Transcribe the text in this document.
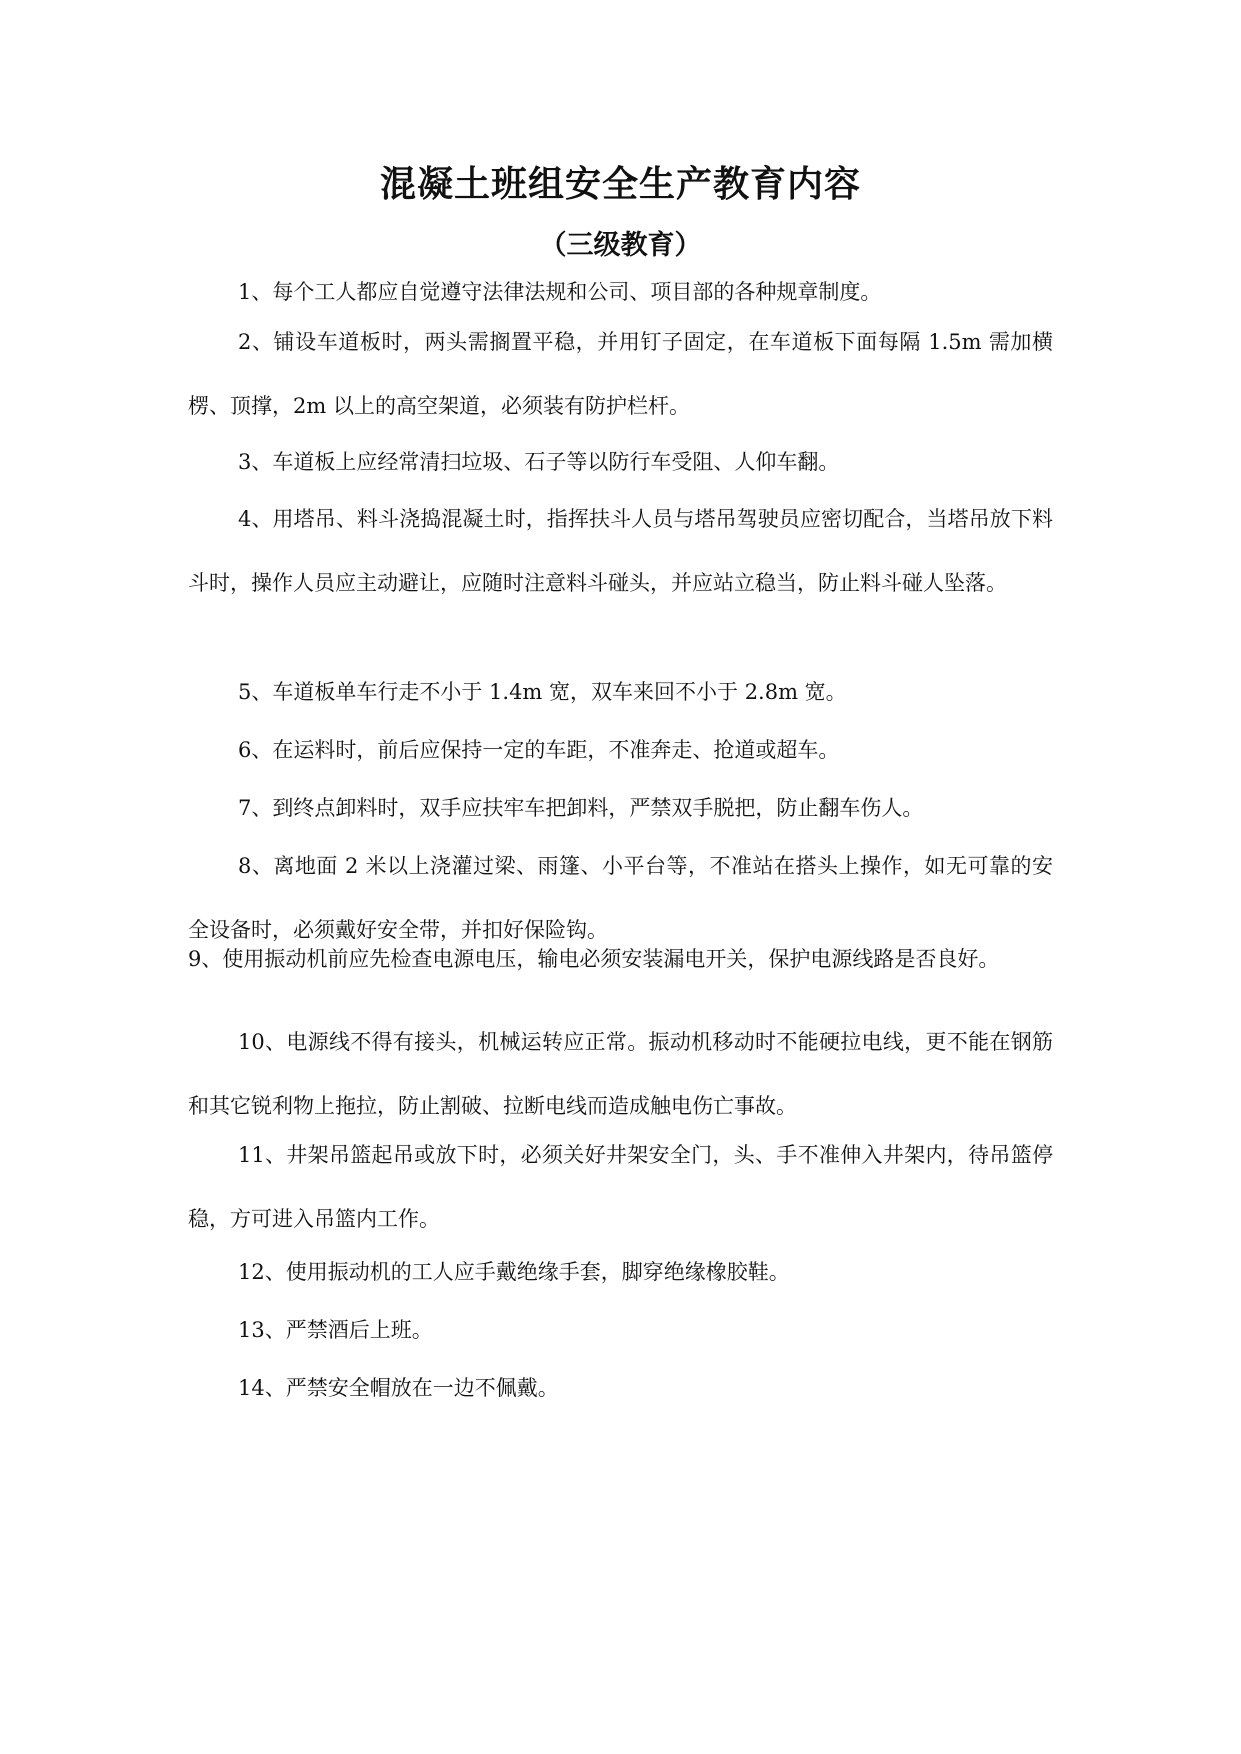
混凝土班组安全生产教育内容
（三级教育）

1、每个工人都应自觉遵守法律法规和公司、项目部的各种规章制度。

2、铺设车道板时，两头需搁置平稳，并用钉子固定，在车道板下面每隔 1.5m 需加横楞、顶撑，2m 以上的高空架道，必须装有防护栏杆。

3、车道板上应经常清扫垃圾、石子等以防行车受阻、人仰车翻。

4、用塔吊、料斗浇捣混凝土时，指挥扶斗人员与塔吊驾驶员应密切配合，当塔吊放下料斗时，操作人员应主动避让，应随时注意料斗碰头，并应站立稳当，防止料斗碰人坠落。

5、车道板单车行走不小于 1.4m 宽，双车来回不小于 2.8m 宽。

6、在运料时，前后应保持一定的车距，不准奔走、抢道或超车。

7、到终点卸料时，双手应扶牢车把卸料，严禁双手脱把，防止翻车伤人。

8、离地面 2 米以上浇灌过梁、雨篷、小平台等，不准站在搭头上操作，如无可靠的安全设备时，必须戴好安全带，并扣好保险钩。

9、使用振动机前应先检查电源电压，输电必须安装漏电开关，保护电源线路是否良好。

10、电源线不得有接头，机械运转应正常。振动机移动时不能硬拉电线，更不能在钢筋和其它锐利物上拖拉，防止割破、拉断电线而造成触电伤亡事故。

11、井架吊篮起吊或放下时，必须关好井架安全门，头、手不准伸入井架内，待吊篮停稳，方可进入吊篮内工作。

12、使用振动机的工人应手戴绝缘手套，脚穿绝缘橡胶鞋。

13、严禁酒后上班。

14、严禁安全帽放在一边不佩戴。
